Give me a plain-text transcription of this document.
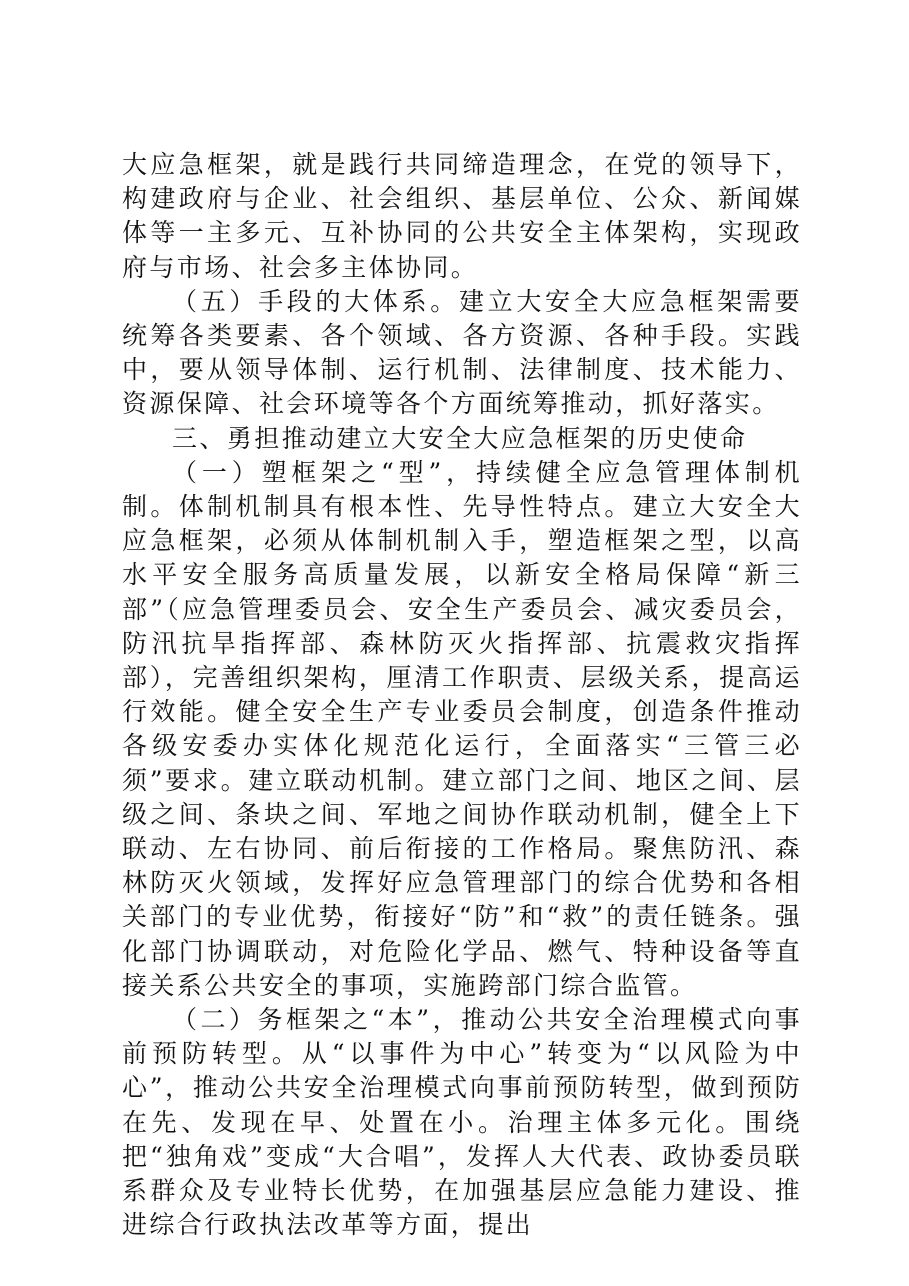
大应急框架，就是践行共同缔造理念，在党的领导下，构建政府与企业、社会组织、基层单位、公众、新闻媒体等一主多元、互补协同的公共安全主体架构，实现政府与市场、社会多主体协同。

（五）手段的大体系。建立大安全大应急框架需要统筹各类要素、各个领域、各方资源、各种手段。实践中，要从领导体制、运行机制、法律制度、技术能力、资源保障、社会环境等各个方面统筹推动，抓好落实。

三、勇担推动建立大安全大应急框架的历史使命

（一）塑框架之“型”，持续健全应急管理体制机制。体制机制具有根本性、先导性特点。建立大安全大应急框架，必须从体制机制入手，塑造框架之型，以高水平安全服务高质量发展，以新安全格局保障“新三部”（应急管理委员会、安全生产委员会、减灾委员会，防汛抗旱指挥部、森林防灭火指挥部、抗震救灾指挥部），完善组织架构，厘清工作职责、层级关系，提高运行效能。健全安全生产专业委员会制度，创造条件推动各级安委办实体化规范化运行，全面落实“三管三必须”要求。建立联动机制。建立部门之间、地区之间、层级之间、条块之间、军地之间协作联动机制，健全上下联动、左右协同、前后衔接的工作格局。聚焦防汛、森林防灭火领域，发挥好应急管理部门的综合优势和各相关部门的专业优势，衔接好“防”和“救”的责任链条。强化部门协调联动，对危险化学品、燃气、特种设备等直接关系公共安全的事项，实施跨部门综合监管。

（二）务框架之“本”，推动公共安全治理模式向事前预防转型。从“以事件为中心”转变为“以风险为中心”，推动公共安全治理模式向事前预防转型，做到预防在先、发现在早、处置在小。治理主体多元化。围绕把“独角戏”变成“大合唱”，发挥人大代表、政协委员联系群众及专业特长优势，在加强基层应急能力建设、推进综合行政执法改革等方面，提出
